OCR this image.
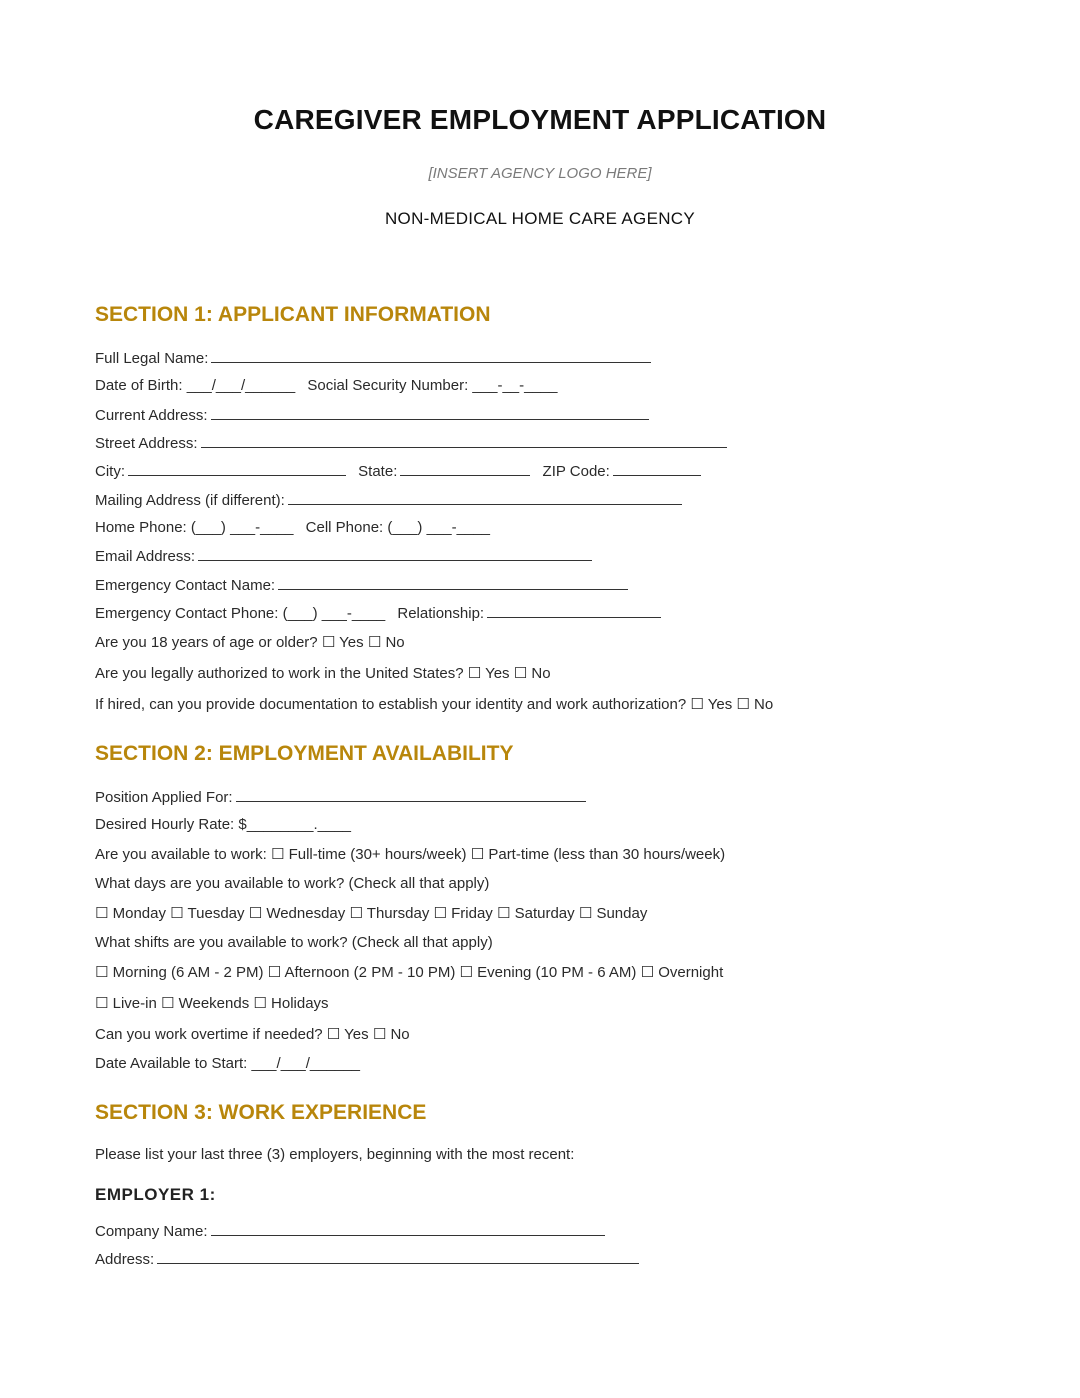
CAREGIVER EMPLOYMENT APPLICATION
[INSERT AGENCY LOGO HERE]
NON-MEDICAL HOME CARE AGENCY
SECTION 1: APPLICANT INFORMATION
Full Legal Name:
Date of Birth: ___/___/______ Social Security Number: ___-__-____
Current Address:
Street Address:
City:	State:	ZIP Code:
Mailing Address (if different):
Home Phone: (___) ___-____ Cell Phone: (___) ___-____
Email Address:
Emergency Contact Name:
Emergency Contact Phone: (___) ___-____ Relationship:
Are you 18 years of age or older? ☐ Yes ☐ No
Are you legally authorized to work in the United States? ☐ Yes ☐ No
If hired, can you provide documentation to establish your identity and work authorization? ☐ Yes ☐ No
SECTION 2: EMPLOYMENT AVAILABILITY
Position Applied For:
Desired Hourly Rate: $________.____
Are you available to work: ☐ Full-time (30+ hours/week) ☐ Part-time (less than 30 hours/week)
What days are you available to work? (Check all that apply)
☐ Monday ☐ Tuesday ☐ Wednesday ☐ Thursday ☐ Friday ☐ Saturday ☐ Sunday
What shifts are you available to work? (Check all that apply)
☐ Morning (6 AM - 2 PM) ☐ Afternoon (2 PM - 10 PM) ☐ Evening (10 PM - 6 AM) ☐ Overnight
☐ Live-in ☐ Weekends ☐ Holidays
Can you work overtime if needed? ☐ Yes ☐ No
Date Available to Start: ___/___/______
SECTION 3: WORK EXPERIENCE
Please list your last three (3) employers, beginning with the most recent:
EMPLOYER 1:
Company Name:
Address:
